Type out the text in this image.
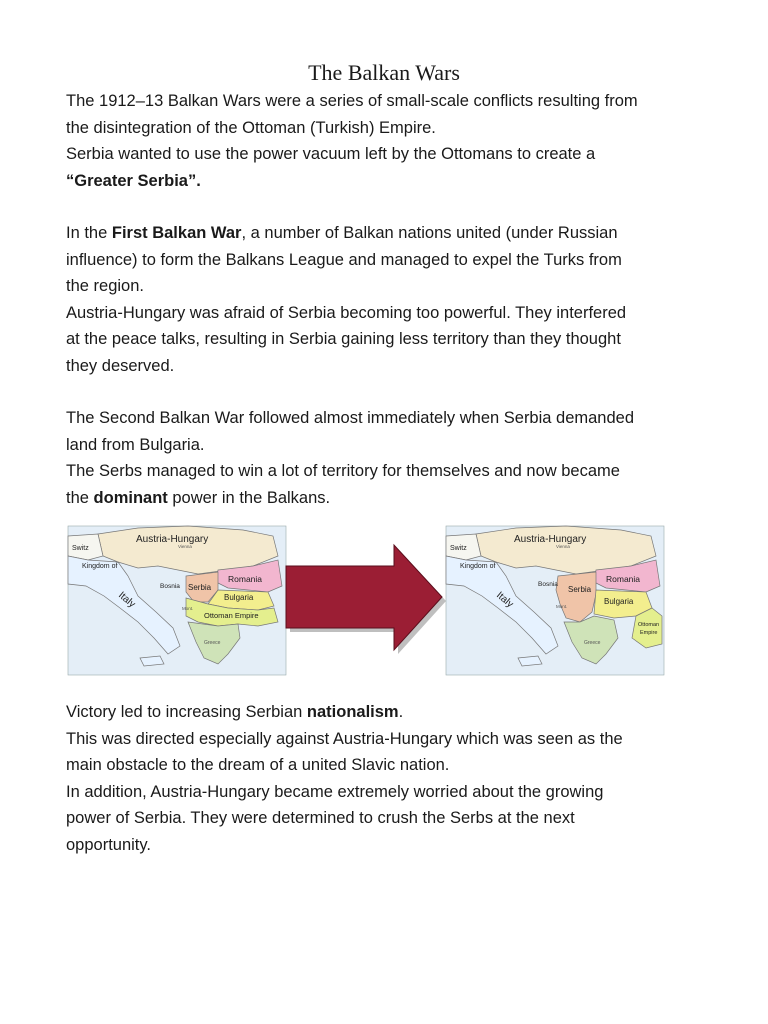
The Balkan Wars

The 1912–13 Balkan Wars were a series of small-scale conflicts resulting from

the disintegration of the Ottoman (Turkish) Empire.

Serbia wanted to use the power vacuum left by the Ottomans to create a

“Greater Serbia”.

In the First Balkan War, a number of Balkan nations united (under Russian

influence) to form the Balkans League and managed to expel the Turks from

the region.

Austria-Hungary was afraid of Serbia becoming too powerful. They interfered

at the peace talks, resulting in Serbia gaining less territory than they thought

they deserved.

The Second Balkan War followed almost immediately when Serbia demanded

land from Bulgaria.

The Serbs managed to win a lot of territory for themselves and now became

the dominant power in the Balkans.

Austria-Hungary
Vienna
Switz
Kingdom of
Italy
Bosnia Serbia
Romania
Bulgaria
Ottoman Empire
Mont.
Greece
Austria-Hungary
Vienna
Switz
Kingdom of
Italy
Bosnia
Serbia
Romania
Bulgaria
Ottoman
Empire
Mont.
Greece

Victory led to increasing Serbian nationalism.

This was directed especially against Austria-Hungary which was seen as the

main obstacle to the dream of a united Slavic nation.

In addition, Austria-Hungary became extremely worried about the growing

power of Serbia. They were determined to crush the Serbs at the next

opportunity.
